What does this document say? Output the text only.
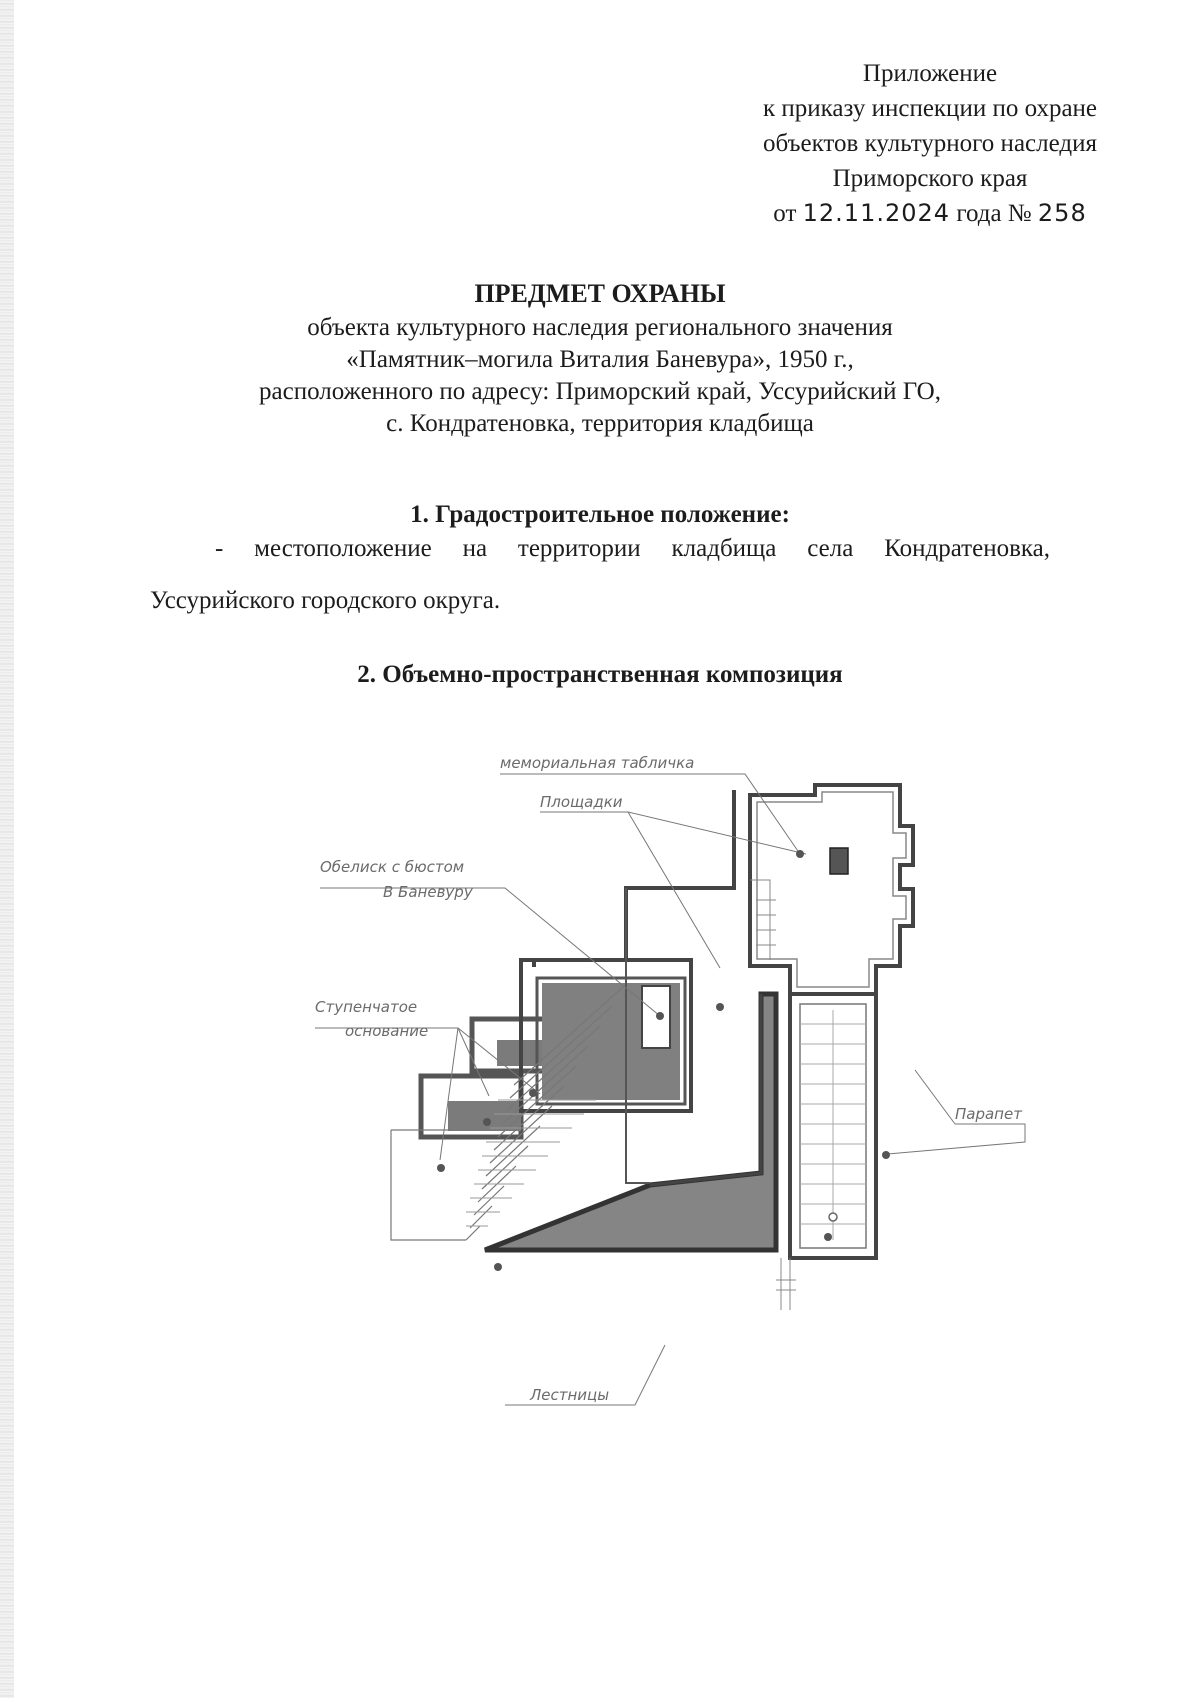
Приложение
к приказу инспекции по охране
объектов культурного наследия
Приморского края
от 12.11.2024 года № 258
ПРЕДМЕТ ОХРАНЫ
объекта культурного наследия регионального значения
«Памятник–могила Виталия Баневура», 1950 г.,
расположенного по адресу: Приморский край, Уссурийский ГО,
с. Кондратеновка, территория кладбища
1. Градостроительное положение:
- местоположение на территории кладбища села Кондратеновка,
Уссурийского городского округа.
2. Объемно-пространственная композиция
мемориальная табличка
Площадки
Обелиск с бюстом
В Баневуру
Ступенчатое
основание
Парапет
Лестницы
